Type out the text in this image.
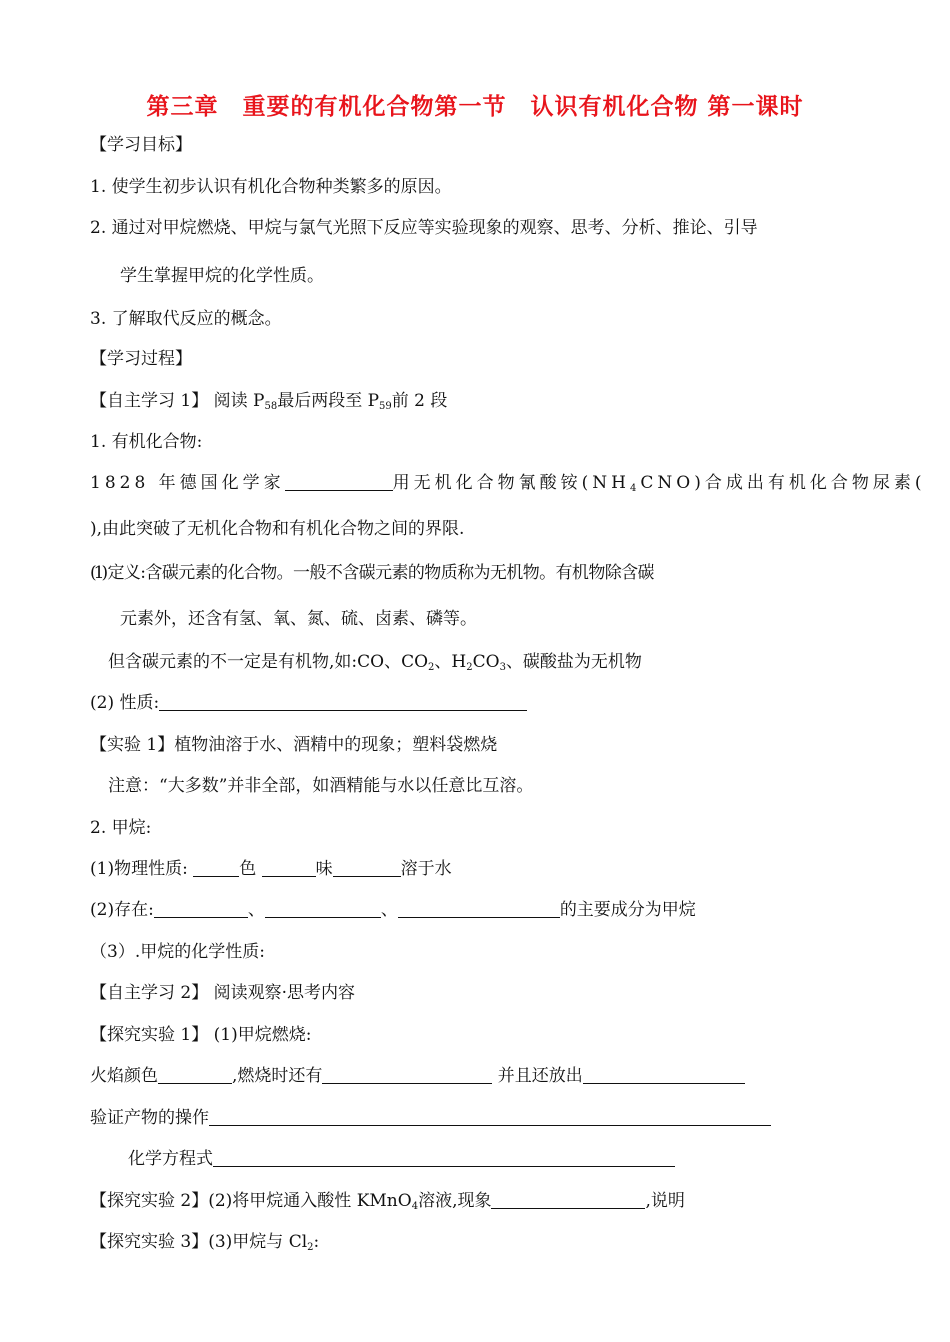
第三章　重要的有机化合物第一节　认识有机化合物 第一课时
【学习目标】
1. 使学生初步认识有机化合物种类繁多的原因。
2. 通过对甲烷燃烧、甲烷与氯气光照下反应等实验现象的观察、思考、分析、推论、引导
学生掌握甲烷的化学性质。
3. 了解取代反应的概念。
【学习过程】
【自主学习 1】 阅读 $P_{58}$最后两段至 $P_{59}$前 2 段
1. 有机化合物:
1828 年德国化学家	用无机化合物氰酸铵$(NH_4CNO)$合成出有机化合物尿素(
),由此突破了无机化合物和有机化合物之间的界限.
(1) 定 义 : 含 碳 元 素 的 化 合 物 。 一 般 不 含 碳 元 素 的 物 质 称 为 无 机 物 。 有 机 物 除 含 碳
元素外，还含有氢、氧、氮、硫、卤素、磷等。
但含碳元素的不一定是有机物,如:CO、$CO_2$、$H_2CO_3$、碳酸盐为无机物
(2) 性质:
【实验 1】植物油溶于水、酒精中的现象；塑料袋燃烧
注意：“大多数”并非全部，如酒精能与水以任意比互溶。
2. 甲烷:
(1)物理性质:	色	味	溶于水
(2)存在:	、	、	的主要成分为甲烷
（3）.甲烷的化学性质:
【自主学习 2】 阅读观察·思考内容
【探究实验 1】 (1)甲烷燃烧:
火焰颜色	,燃烧时还有	并且还放出
验证产物的操作
化学方程式
【探究实验 2】(2)将甲烷通入酸性 KMnO$_4$溶液,现象	,说明
【探究实验 3】(3)甲烷与 $Cl_2$:
